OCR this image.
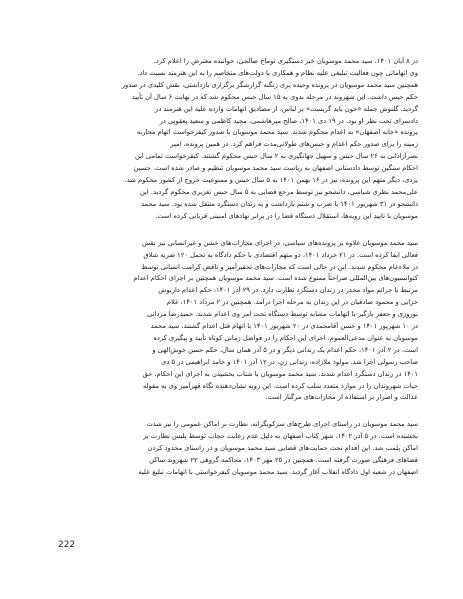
در ۸ آبان ۱۴۰۱، سید محمد موسویان خبر دستگیری توماج صالحی، خواننده معترض را اعلام کرد.
وی اتهاماتی چون فعالیت تبلیغی علیه نظام و همکاری با دولت‌های متخاصم را به این هنرمند نسبت داد.
همچنین سید محمد موسویان در پرونده وحیده پری زنگنه گزارشگر برگزاری بازداشتی، نقش کلیدی در صدور
حکم حبس داشت. این شهروند در مرحله بدوی به ۱۵ سال حبس محکوم شد که در نهایت ۶ سال آن تأیید
گردید. گلنوش جمله «خون باید گریست» بر لباس، از مصادیق اتهامات وارده علیه این هنرمند در
دادسرای تحت نظر او بود. در ۱۹ دی ۱۴۰۱، صالح میرهاشمی، مجید کاظمی و سعید یعقوبی در
پرونده «خانه اصفهان» به اعدام محکوم شدند. سید محمد موسویان با صدور کیفرخواست اتهام محاربه
زمینه را برای صدور حکم اعدام و حبس‌های طولانی‌مدت فراهم کرد. در همین پرونده، امیر
نصرآزادانی به ۲۶ سال حبس و سهیل جهانگیری به ۲ سال حبس محکوم گشتند. کیفرخواست تمامی این
احکام سنگین توسط دادستانی اصفهان به ریاست سید محمد موسویان تنظیم و صادر شده است. حسین
یزدی، دیگر متهم این پرونده، نیز در ۱۶ بهمن ۱۴۰۱ به ۵ سال حبس و ممنوعیت خروج از کشور محکوم شد.
علی‌محمد نظری شیاسی، دانشجو نیز توسط مرجع قضایی به ۵ سال حبس تعزیری محکوم گردید. این
دانشجو در ۳۱ شهریور ۱۴۰۱ با ضرب و شتم بازداشت و به زندان دستگرد منتقل شده بود. سید محمد
موسویان با تایید این رویه‌ها، استقلال دستگاه قضا را در برابر نهادهای امنیتی قربانی کرده است.
سید محمد موسویان علاوه بر پرونده‌های سیاسی، در اجرای مجازات‌های خشن و غیرانسانی نیز نقش
فعالی ایفا کرده است. در ۲۱ خرداد ۱۴۰۱، دو متهم اقتصادی با حکم دادگاه به تحمل ۱۲۰ ضربه شلاق
در ملاءعام محکوم شدند. این در حالی است که مجازات‌های تحقیرآمیز و ناقض کرامت انسانی توسط
کنوانسیون‌های بین‌المللی صراحتاً ممنوع شده است. سید محمد موسویان همچنین بر اجرای احکام اعدام
مرتبط با جرائم مواد مخدر در زندان دستگرد نظارت دارد. در ۲۹ آذر ۱۴۰۱، حکم اعدام داریوش
خزایی و محمود صادقیان در این زندان به مرحله اجرا درآمد. همچنین در ۲ مرداد ۱۴۰۱، غلام
نوروزی و جعفر بازگیر با اتهامات مشابه توسط دستگاه تحت امر وی اعدام شدند. حمیدرضا مردانی
در ۱۰ شهریور ۱۴۰۱ و حسن آقامحمدی در ۲۰ شهریور ۱۴۰۱ با اتهام قتل اعدام گشتند. سید محمد
موسویان به عنوان مدعی‌العموم، اجرای این احکام را در فواصل زمانی کوتاه تأیید و پیگیری کرده
است. در ۲ آذر ۱۴۰۱، حکم اعدام یک زندانی دیگر و در ۵ آذر همان سال، حکم حسن خوش‌الهی و
صاحب رسولی اجرا شد. مولود ملازاده، زندانی زن، در ۱۲ آذر ۱۴۰۱ و حامد ابراهیمی در ۵ دی
۱۴۰۱ در زندان دستگرد اعدام شدند. سید محمد موسویان با شتاب بخشیدن به اجرای این احکام، حق
حیات شهروندان را در موارد متعدد سلب کرده است. این رویه نشان‌دهنده نگاه قهرآمیز وی به مقوله
عدالت و اصرار بر استفاده از مجازات‌های مرگبار است.
سید محمد موسویان در راستای اجرای طرح‌های سرکوبگرانه، نظارت بر اماکن عمومی را نیز شدت
بخشیده است. در ۵ آذر ۱۴۰۲، شهر کتاب اصفهان به دلیل عدم رعایت حجاب توسط پلیس نظارت بر
اماکن پلمب شد. این اقدام تحت حمایت‌های قضایی سید محمد موسویان و در راستای محدود کردن
فضاهای فرهنگی صورت گرفته است. همچنین در ۲۵ مهر ۱۴۰۳، محاکمه گروهی ۲۲ شهروند ساکن
اصفهان در شعبه اول دادگاه انقلاب آغاز گردید. سید محمد موسویان کیفرخواستی با اتهامات تبلیغ علیه
222
